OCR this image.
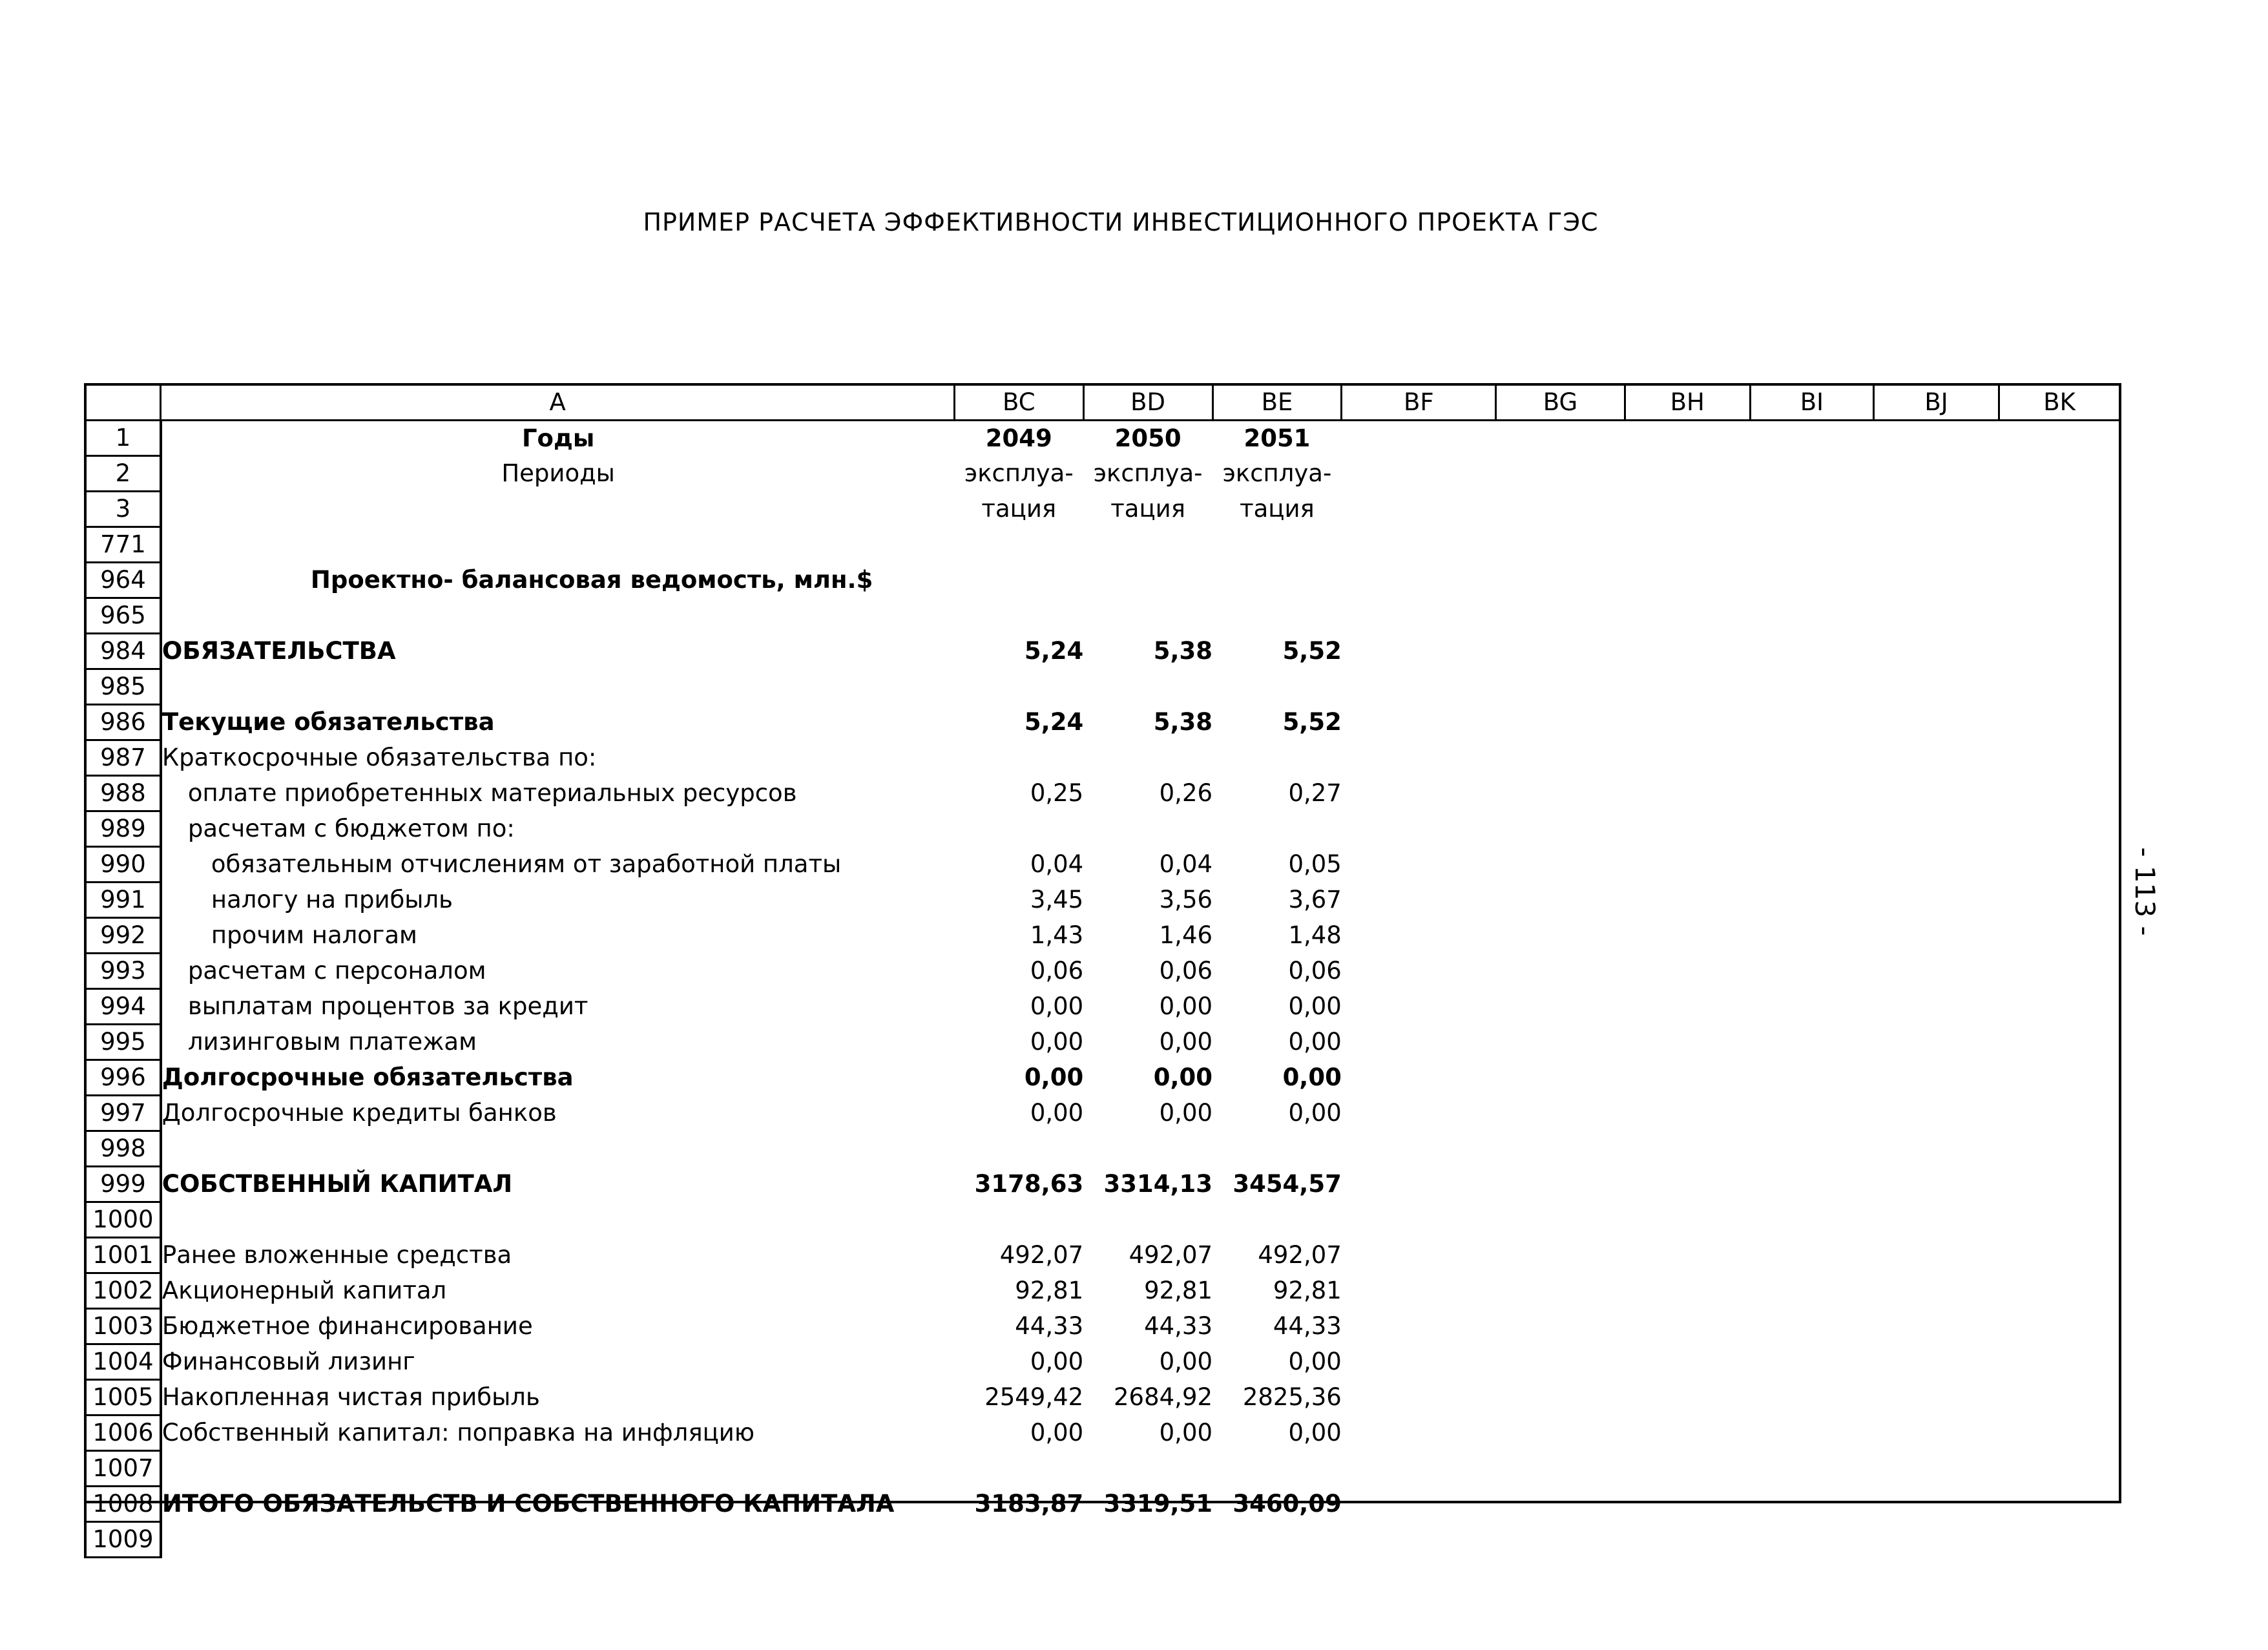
ПРИМЕР РАСЧЕТА ЭФФЕКТИВНОСТИ ИНВЕСТИЦИОННОГО ПРОЕКТА ГЭС
- 113 -
	A	BC	BD	BE	BF	BG	BH	BI	BJ	BK
1	Годы	2049	2050	2051						
2	Периоды	эксплуа-	эксплуа-	эксплуа-						
3		тация	тация	тация						
771										
964	Проектно- балансовая ведомость, млн.$									
965										
984	ОБЯЗАТЕЛЬСТВА	5,24	5,38	5,52						
985										
986	Текущие обязательства	5,24	5,38	5,52						
987	Краткосрочные обязательства по:									
988	оплате приобретенных материальных ресурсов	0,25	0,26	0,27						
989	расчетам с бюджетом по:									
990	обязательным отчислениям от заработной платы	0,04	0,04	0,05						
991	налогу на прибыль	3,45	3,56	3,67						
992	прочим налогам	1,43	1,46	1,48						
993	расчетам с персоналом	0,06	0,06	0,06						
994	выплатам процентов за кредит	0,00	0,00	0,00						
995	лизинговым платежам	0,00	0,00	0,00						
996	Долгосрочные обязательства	0,00	0,00	0,00						
997	Долгосрочные кредиты банков	0,00	0,00	0,00						
998										
999	СОБСТВЕННЫЙ КАПИТАЛ	3178,63	3314,13	3454,57						
1000										
1001	Ранее вложенные средства	492,07	492,07	492,07						
1002	Акционерный капитал	92,81	92,81	92,81						
1003	Бюджетное финансирование	44,33	44,33	44,33						
1004	Финансовый лизинг	0,00	0,00	0,00						
1005	Накопленная чистая прибыль	2549,42	2684,92	2825,36						
1006	Собственный капитал: поправка на инфляцию	0,00	0,00	0,00						
1007										
1008	ИТОГО ОБЯЗАТЕЛЬСТВ И СОБСТВЕННОГО КАПИТАЛА	3183,87	3319,51	3460,09						
1009										
